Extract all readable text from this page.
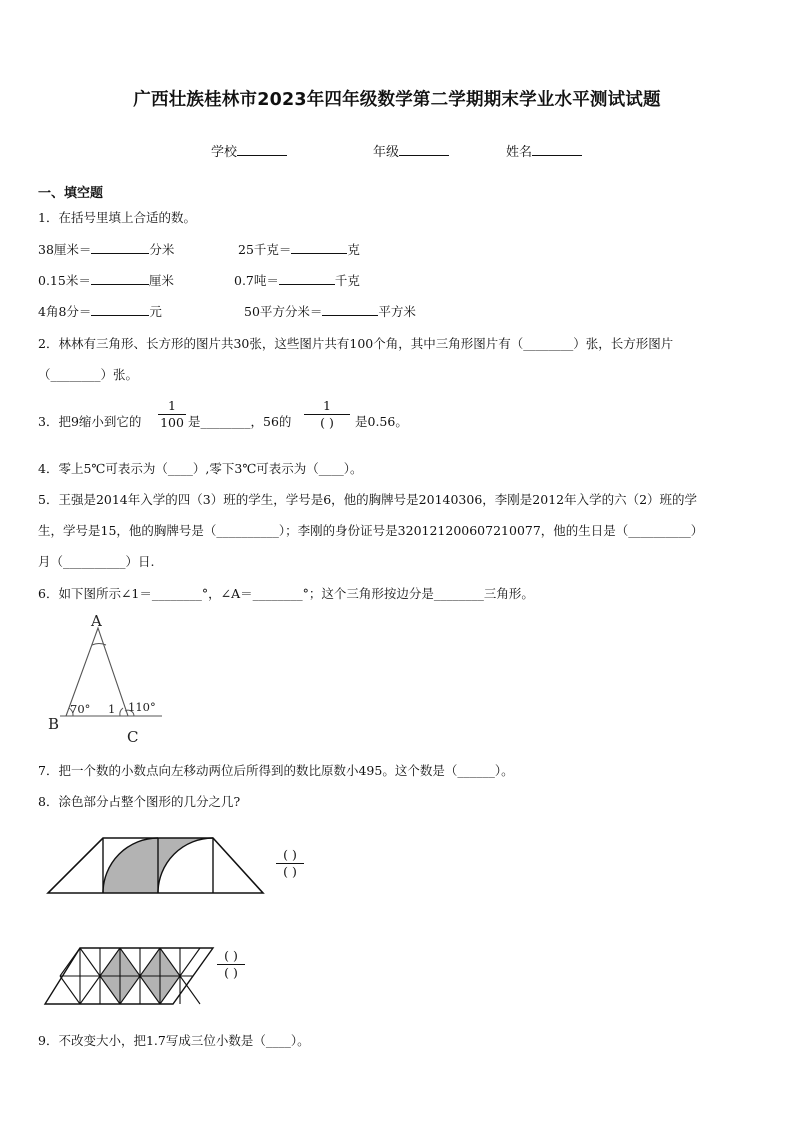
广西壮族桂林市2023年四年级数学第二学期期末学业水平测试试题
学校	年级	姓名
一、填空题
1．在括号里填上合适的数。
38厘米＝	分米	25千克＝	克
0.15米＝	厘米	0.7吨＝	千克
4角8分＝	元	50平方分米＝	平方米
2．林林有三角形、长方形的图片共30张，这些图片共有100个角，其中三角形图片有（________）张，长方形图片
（________）张。
3．把9缩小到它的 $\frac{1}{100}$ 是________，56的
1
( )	是0.56。
4．零上5℃可表示为（____）,零下3℃可表示为（____）。
5．王强是2014年入学的四（3）班的学生，学号是6，他的胸牌号是20140306，李刚是2012年入学的六（2）班的学
生，学号是15，他的胸牌号是（__________）；李刚的身份证号是320121200607210077，他的生日是（__________）
月（__________）日.
6．如下图所示∠1＝________°，∠A＝________°；这个三角形按边分是________三角形。
A
B
C
70° 1 110°
7．把一个数的小数点向左移动两位后所得到的数比原数小495。这个数是（______）。
8．涂色部分占整个图形的几分之几?
( )
( )
( )
( )
9．不改变大小，把1.7写成三位小数是（____）。
